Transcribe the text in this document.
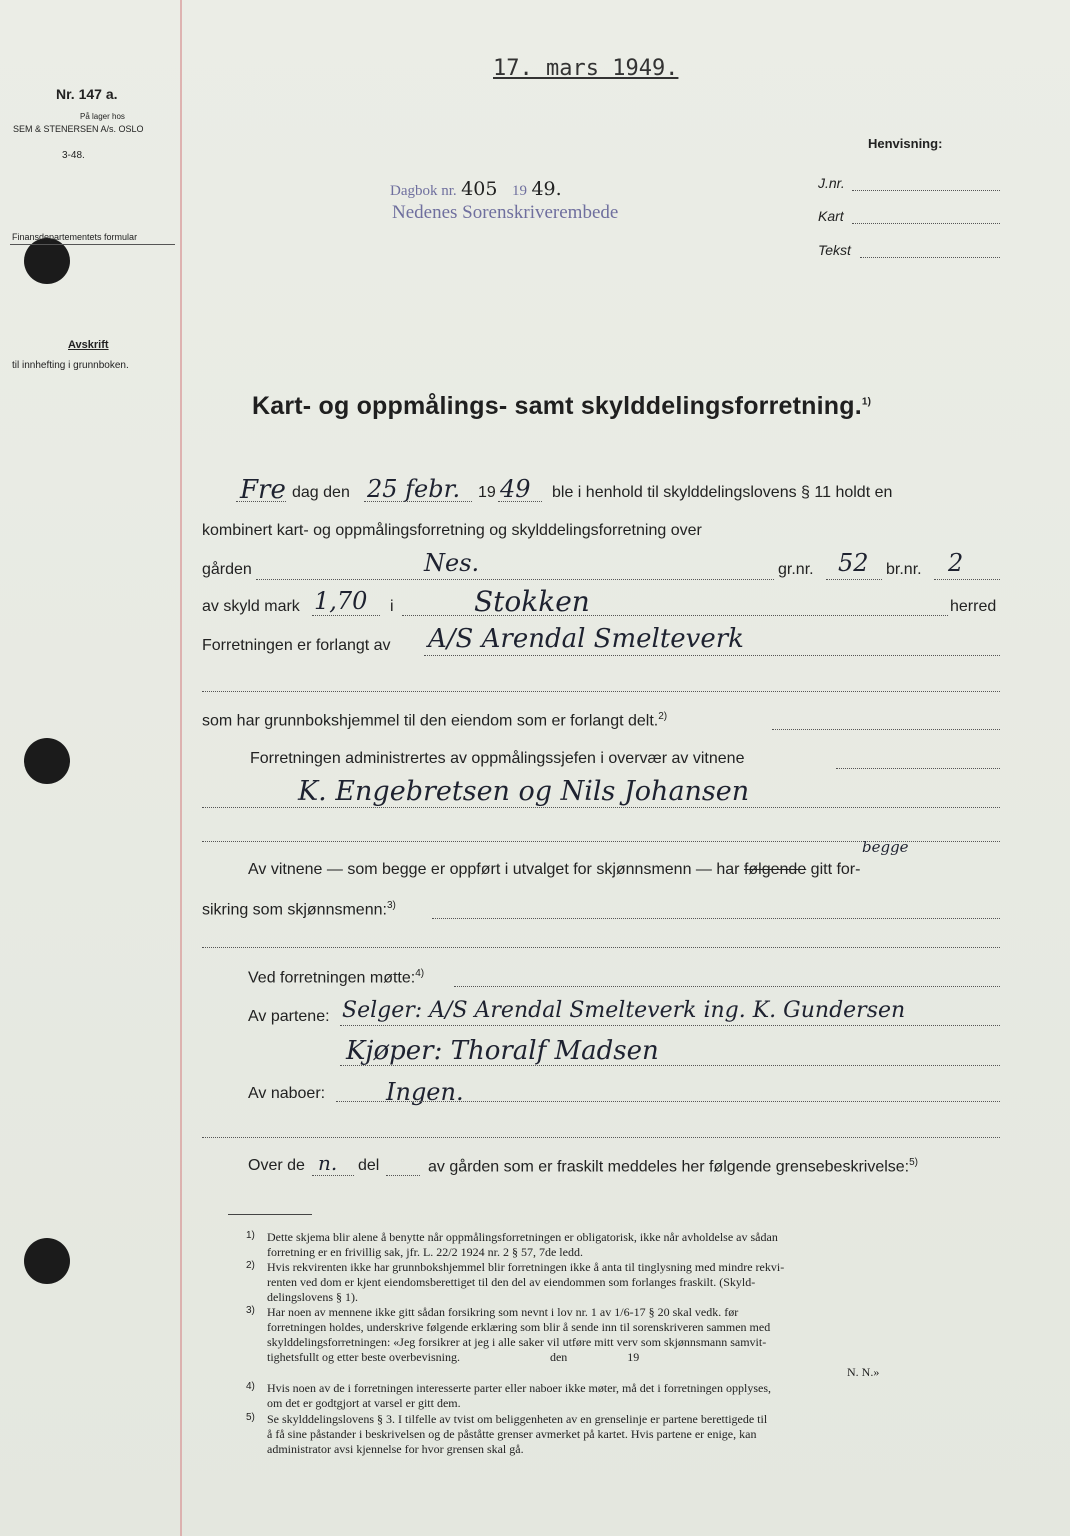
17. mars 1949.
Nr. 147 a.
På lager hos
SEM & STENERSEN A/s. OSLO
3-48.
Finansdepartementets formular
Avskrift
til innhefting i grunnboken.
Dagbok nr. 405 19 49.
Nedenes Sorenskriverembede
Henvisning:
J.nr.
Kart
Tekst
Kart- og oppmålings- samt skylddelingsforretning.$^{1)}$
Fre dag den 25 febr. 19 49 ble i henhold til skylddelingslovens § 11 holdt en
kombinert kart- og oppmålingsforretning og skylddelingsforretning over
gården	Nes.	gr.nr. 52 br.nr. 2
av skyld mark 1,70 i	Stokken	herred
Forretningen er forlangt av A/S Arendal Smelteverk
som har grunnbokshjemmel til den eiendom som er forlangt delt.$^{2)}$
Forretningen administrertes av oppmålingssjefen i overvær av vitnene
K. Engebretsen og Nils Johansen
Av vitnene — som begge er oppført i utvalget for skjønnsmenn — har følgende gitt for-
begge
sikring som skjønnsmenn:$^{3)}$
Ved forretningen møtte:$^{4)}$
Av partene: Selger: A/S Arendal Smelteverk ing. K. Gundersen
Kjøper: Thoralf Madsen
Av naboer:	Ingen.
Over de n. del	av gården som er fraskilt meddeles her følgende grensebeskrivelse:$^{5)}$
1) Dette skjema blir alene å benytte når oppmålingsforretningen er obligatorisk, ikke når avholdelse av sådan
forretning er en frivillig sak, jfr. L. 22/2 1924 nr. 2 § 57, 7de ledd.
2) Hvis rekvirenten ikke har grunnbokshjemmel blir forretningen ikke å anta til tinglysning med mindre rekvi-
renten ved dom er kjent eiendomsberettiget til den del av eiendommen som forlanges fraskilt. (Skyld-
delingslovens § 1).
3) Har noen av mennene ikke gitt sådan forsikring som nevnt i lov nr. 1 av 1/6-17 § 20 skal vedk. før
forretningen holdes, underskrive følgende erklæring som blir å sende inn til sorenskriveren sammen med
skylddelingsforretningen: «Jeg forsikrer at jeg i alle saker vil utføre mitt verv som skjønnsmann samvit-
tighetsfullt og etter beste overbevisning.                              den                    19
N. N.»
4) Hvis noen av de i forretningen interesserte parter eller naboer ikke møter, må det i forretningen opplyses,
om det er godtgjort at varsel er gitt dem.
5) Se skylddelingslovens § 3. I tilfelle av tvist om beliggenheten av en grenselinje er partene berettigede til
å få sine påstander i beskrivelsen og de påståtte grenser avmerket på kartet. Hvis partene er enige, kan
administrator avsi kjennelse for hvor grensen skal gå.
